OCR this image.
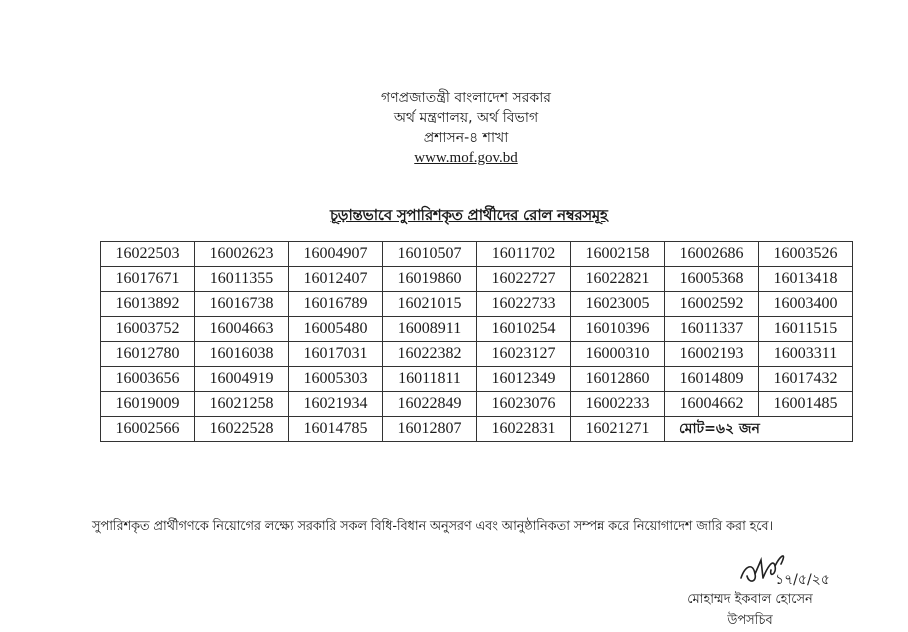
গণপ্রজাতন্ত্রী বাংলাদেশ সরকার
অর্থ মন্ত্রণালয়, অর্থ বিভাগ
প্রশাসন-৪ শাখা
www.mof.gov.bd
চূড়ান্তভাবে সুপারিশকৃত প্রার্থীদের রোল নম্বরসমূহ
16022503	16002623	16004907	16010507	16011702	16002158	16002686	16003526
16017671	16011355	16012407	16019860	16022727	16022821	16005368	16013418
16013892	16016738	16016789	16021015	16022733	16023005	16002592	16003400
16003752	16004663	16005480	16008911	16010254	16010396	16011337	16011515
16012780	16016038	16017031	16022382	16023127	16000310	16002193	16003311
16003656	16004919	16005303	16011811	16012349	16012860	16014809	16017432
16019009	16021258	16021934	16022849	16023076	16002233	16004662	16001485
16002566	16022528	16014785	16012807	16022831	16021271	মোট=৬২ জন	
সুপারিশকৃত প্রার্থীগণকে নিয়োগের লক্ষ্যে সরকারি সকল বিধি-বিধান অনুসরণ এবং আনুষ্ঠানিকতা সম্পন্ন করে নিয়োগাদেশ জারি করা হবে।
১৭/৫/২৫
মোহাম্মদ ইকবাল হোসেন
উপসচিব
